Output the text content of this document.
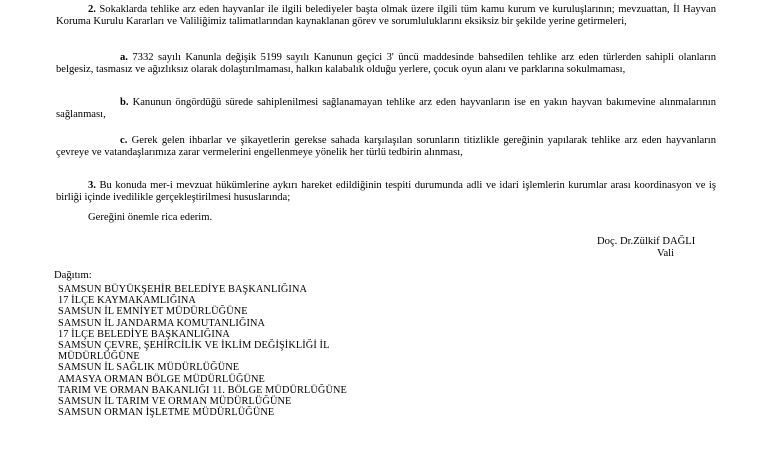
2. Sokaklarda tehlike arz eden hayvanlar ile ilgili belediyeler başta olmak üzere ilgili tüm kamu kurum ve kuruluşlarının; mevzuattan, İl Hayvan Koruma Kurulu Kararları ve Valiliğimiz talimatlarından kaynaklanan görev ve sorumluluklarını eksiksiz bir şekilde yerine getirmeleri,

a. 7332 sayılı Kanunla değişik 5199 sayılı Kanunun geçici 3' üncü maddesinde bahsedilen tehlike arz eden türlerden sahipli olanların belgesiz, tasmasız ve ağızlıksız olarak dolaştırılmaması, halkın kalabalık olduğu yerlere, çocuk oyun alanı ve parklarına sokulmaması,

b. Kanunun öngördüğü sürede sahiplenilmesi sağlanamayan tehlike arz eden hayvanların ise en yakın hayvan bakımevine alınmalarının sağlanması,

c. Gerek gelen ihbarlar ve şikayetlerin gerekse sahada karşılaşılan sorunların titizlikle gereğinin yapılarak tehlike arz eden hayvanların çevreye ve vatandaşlarımıza zarar vermelerini engellenmeye yönelik her türlü tedbirin alınması,

3. Bu konuda mer-i mevzuat hükümlerine aykırı hareket edildiğinin tespiti durumunda adli ve idari işlemlerin kurumlar arası koordinasyon ve iş birliği içinde ivedilikle gerçekleştirilmesi hususlarında;

Gereğini önemle rica ederim.

Doç. Dr.Zülkif DAĞLI
Vali
Dağıtım:
SAMSUN BÜYÜKŞEHİR BELEDİYE BAŞKANLIĞINA
17 İLÇE KAYMAKAMLIĞINA
SAMSUN İL EMNİYET MÜDÜRLÜĞÜNE
SAMSUN İL JANDARMA KOMUTANLIĞINA
17 İLÇE BELEDİYE BAŞKANLIĞINA
SAMSUN ÇEVRE, ŞEHİRCİLİK VE İKLİM DEĞİŞİKLİĞİ İL
MÜDÜRLÜĞÜNE
SAMSUN İL SAĞLIK MÜDÜRLÜĞÜNE
AMASYA ORMAN BÖLGE MÜDÜRLÜĞÜNE
TARIM VE ORMAN BAKANLIĞI 11. BÖLGE MÜDÜRLÜĞÜNE
SAMSUN İL TARIM VE ORMAN MÜDÜRLÜĞÜNE
SAMSUN ORMAN İŞLETME MÜDÜRLÜĞÜNE
